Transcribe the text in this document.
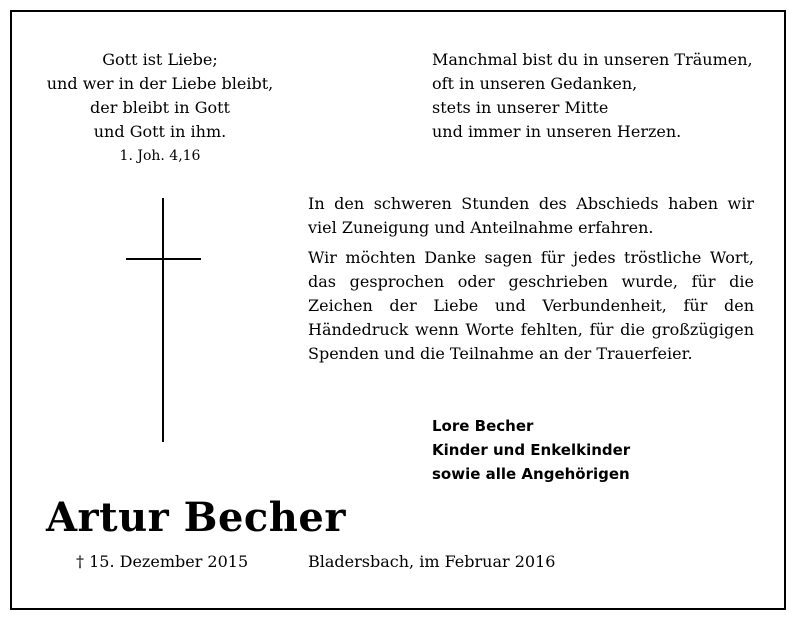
Gott ist Liebe;
und wer in der Liebe bleibt,
der bleibt in Gott
und Gott in ihm.
1. Joh. 4,16
Manchmal bist du in unseren Träumen,
oft in unseren Gedanken,
stets in unserer Mitte
und immer in unseren Herzen.

In den schweren Stunden des Abschieds haben wir viel Zuneigung und Anteilnahme erfahren.

Wir möchten Danke sagen für jedes tröstliche Wort, das gesprochen oder geschrieben wurde, für die Zeichen der Liebe und Verbundenheit, für den Händedruck wenn Worte fehlten, für die großzügigen Spenden und die Teilnahme an der Trauerfeier.

Lore Becher
Kinder und Enkelkinder
sowie alle Angehörigen
Artur Becher
† 15. Dezember 2015	Bladersbach, im Februar 2016
